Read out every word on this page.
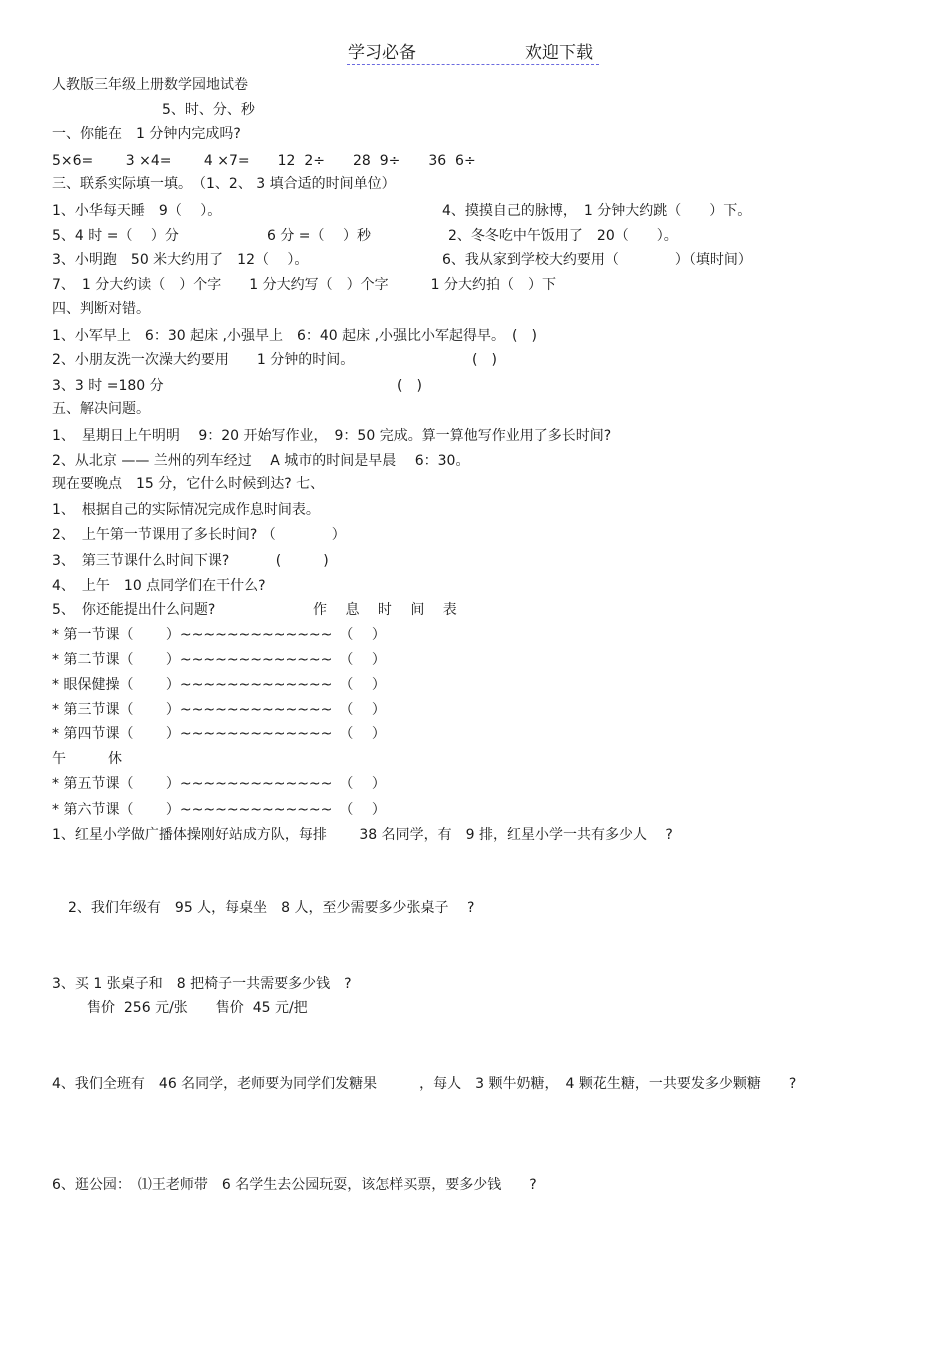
学习必备	欢迎下载
人教版三年级上册数学园地试卷
5、时、分、秒
一、你能在　1 分钟内完成吗?
5×6=　　 3 ×4=　　 4 ×7=　　12  2÷　　28  9÷　　36  6÷
三、联系实际填一填。　（1、2、 3 填合适的时间单位）
1、小华每天睡　9（　 ）。	4、摸摸自己的脉博，　1 分钟大约跳（　　）下。
5、4 时 =（　 ）分	6 分 =（　 ）秒	2、冬冬吃中午饭用了　20（　　）。
3、小明跑　50 米大约用了　12（　 ）。	6、我从家到学校大约要用（　　　　）（填时间）
7、　1 分大约读（　）个字　　1 分大约写（　）个字　　　1 分大约拍（　）下
四、判断对错。
1、小军早上　6：30 起床 ,小强早上　6：40 起床 ,小强比小军起得早。　(　)
2、小朋友洗一次澡大约要用　　1 分钟的时间。	(　)
3、3 时 =180 分	(　)
五、解决问题。
1、　星期日上午明明　 9：20 开始写作业，　9：50 完成。算一算他写作业用了多长时间?
2、从北京 —— 兰州的列车经过　 A 城市的时间是早晨　 6：30。
现在要晚点　15 分，它什么时候到达? 七、
1、　根据自己的实际情况完成作息时间表。
2、　上午第一节课用了多长时间? （　　　　）
3、　第三节课什么时间下课?　　　 (　　　)
4、　上午　10 点同学们在干什么?
5、　你还能提出什么问题?	作　 息　 时　 间　 表
* 第一节课（　　 ）~~~~~~~~~~~~~　（　 ）
* 第二节课（　　 ）~~~~~~~~~~~~~　（　 ）
* 眼保健操（　　 ）~~~~~~~~~~~~~　（　 ）
* 第三节课（　　 ）~~~~~~~~~~~~~　（　 ）
* 第四节课（　　 ）~~~~~~~~~~~~~　（　 ）
午　　　休
* 第五节课（　　 ）~~~~~~~~~~~~~　（　 ）
* 第六节课（　　 ）~~~~~~~~~~~~~　（　 ）
1、红星小学做广播体操刚好站成方队，每排　　 38 名同学，有　9 排，红星小学一共有多少人　 ?
2、我们年级有　95 人，每桌坐　8 人，至少需要多少张桌子　 ?
3、买 1 张桌子和　8 把椅子一共需要多少钱　?
售价  256 元/张　　售价  45 元/把
4、我们全班有　46 名同学，老师要为同学们发糖果　　　，每人　3 颗牛奶糖，　4 颗花生糖，一共要发多少颗糖　　?
6、逛公园：　⑴王老师带　6 名学生去公园玩耍，该怎样买票，要多少钱　　?
